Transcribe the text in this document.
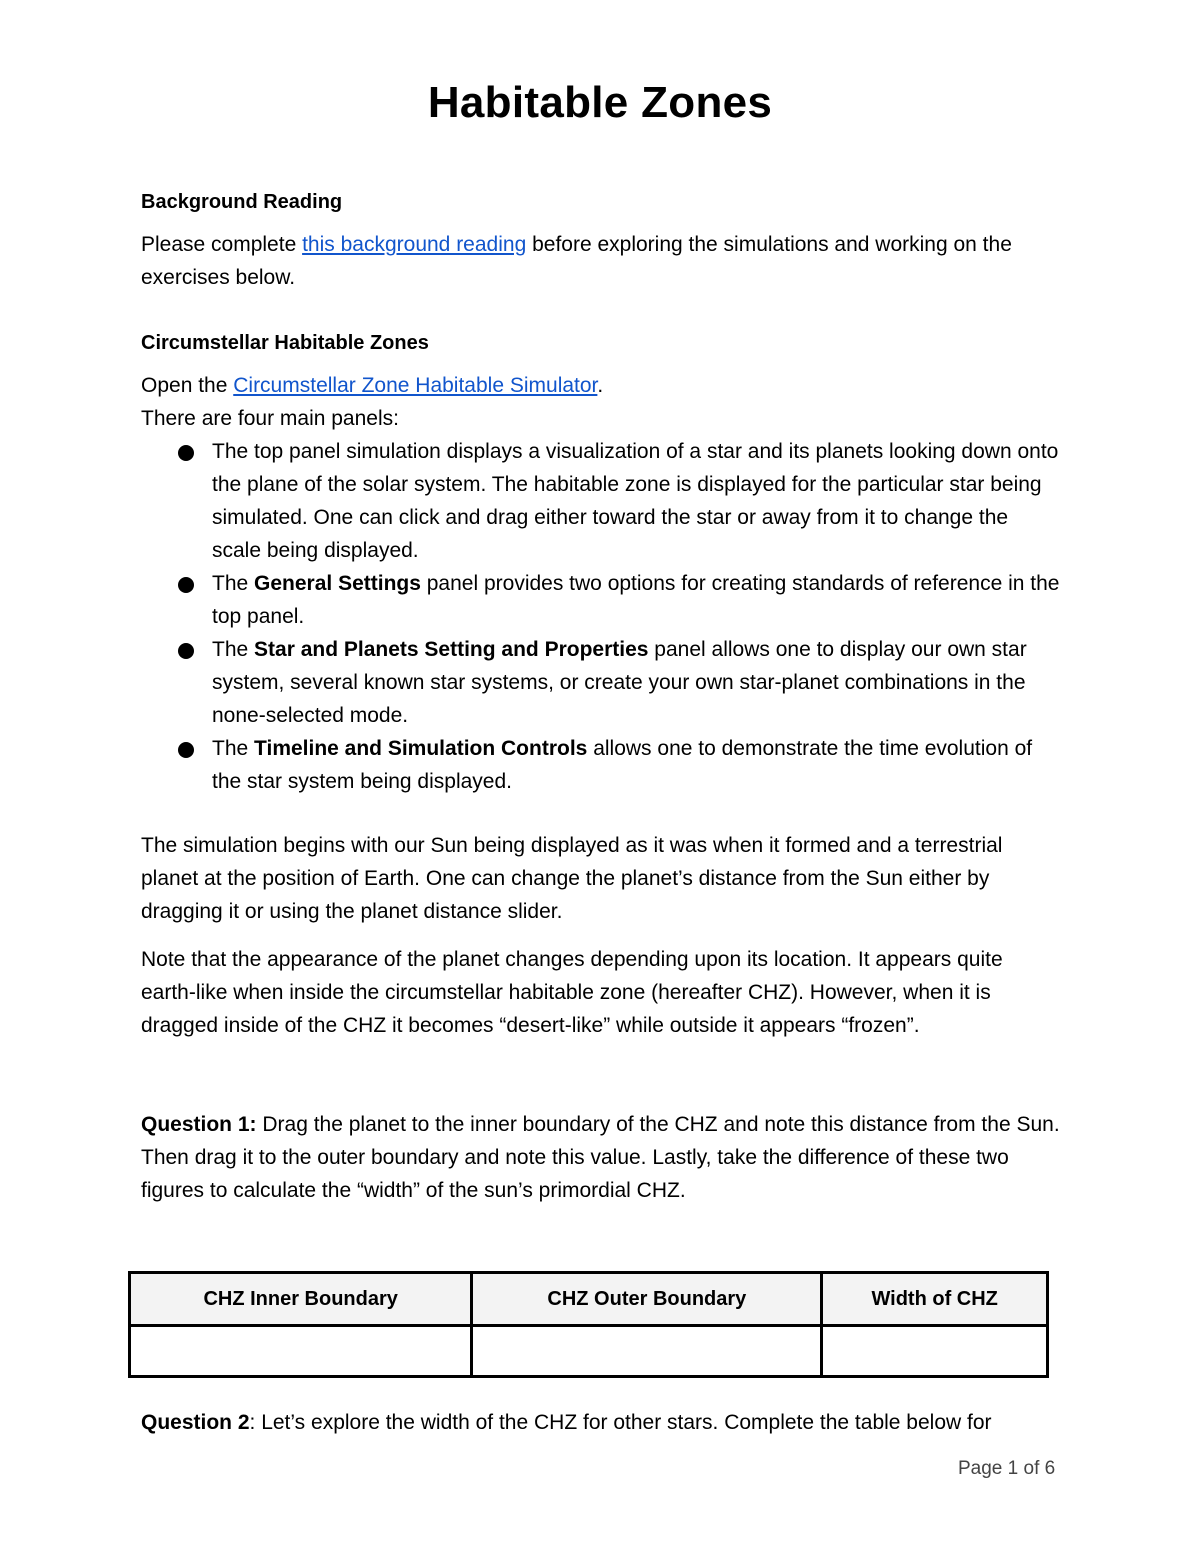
Habitable Zones

Background Reading

Please complete this background reading before exploring the simulations and working on the exercises below.

Circumstellar Habitable Zones

Open the Circumstellar Zone Habitable Simulator.

There are four main panels:

The top panel simulation displays a visualization of a star and its planets looking down onto the plane of the solar system. The habitable zone is displayed for the particular star being simulated. One can click and drag either toward the star or away from it to change the scale being displayed.
The General Settings panel provides two options for creating standards of reference in the top panel.
The Star and Planets Setting and Properties panel allows one to display our own star system, several known star systems, or create your own star-planet combinations in the none-selected mode.
The Timeline and Simulation Controls allows one to demonstrate the time evolution of the star system being displayed.

The simulation begins with our Sun being displayed as it was when it formed and a terrestrial planet at the position of Earth. One can change the planet’s distance from the Sun either by dragging it or using the planet distance slider.

Note that the appearance of the planet changes depending upon its location. It appears quite earth-like when inside the circumstellar habitable zone (hereafter CHZ). However, when it is dragged inside of the CHZ it becomes “desert-like” while outside it appears “frozen”.

Question 1: Drag the planet to the inner boundary of the CHZ and note this distance from the Sun. Then drag it to the outer boundary and note this value. Lastly, take the difference of these two figures to calculate the “width” of the sun’s primordial CHZ.

CHZ Inner Boundary	CHZ Outer Boundary	Width of CHZ

Question 2: Let’s explore the width of the CHZ for other stars. Complete the table below for

Page 1 of 6
